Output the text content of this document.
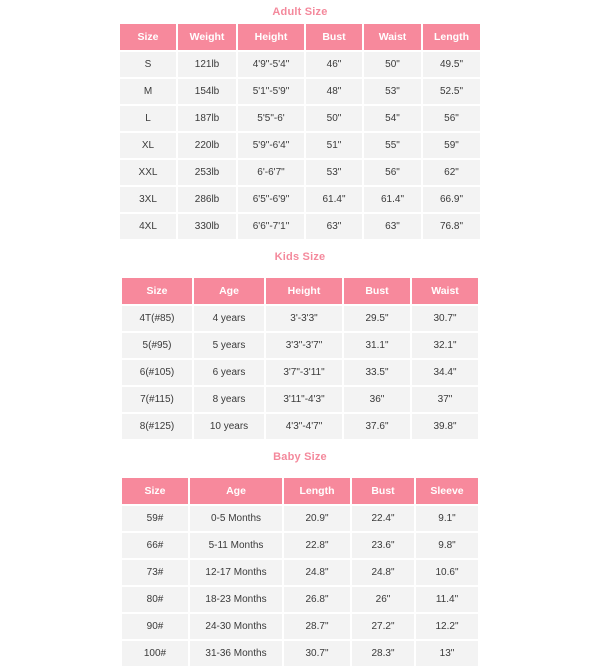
Adult Size
Size	Weight	Height	Bust	Waist	Length
S	121lb	4'9"-5'4"	46"	50"	49.5"
M	154lb	5'1"-5'9"	48"	53"	52.5"
L	187lb	5'5"-6'	50"	54"	56"
XL	220lb	5'9"-6'4"	51"	55"	59"
XXL	253lb	6'-6'7"	53"	56"	62"
3XL	286lb	6'5"-6'9"	61.4"	61.4"	66.9"
4XL	330lb	6'6"-7'1"	63"	63"	76.8"
Kids Size
Size	Age	Height	Bust	Waist
4T(#85)	4 years	3'-3'3"	29.5"	30.7"
5(#95)	5 years	3'3"-3'7"	31.1"	32.1"
6(#105)	6 years	3'7"-3'11"	33.5"	34.4"
7(#115)	8 years	3'11"-4'3"	36"	37"
8(#125)	10 years	4'3"-4'7"	37.6"	39.8"
Baby Size
Size	Age	Length	Bust	Sleeve
59#	0-5 Months	20.9"	22.4"	9.1"
66#	5-11 Months	22.8"	23.6"	9.8"
73#	12-17 Months	24.8"	24.8"	10.6"
80#	18-23 Months	26.8"	26"	11.4"
90#	24-30 Months	28.7"	27.2"	12.2"
100#	31-36 Months	30.7"	28.3"	13"
